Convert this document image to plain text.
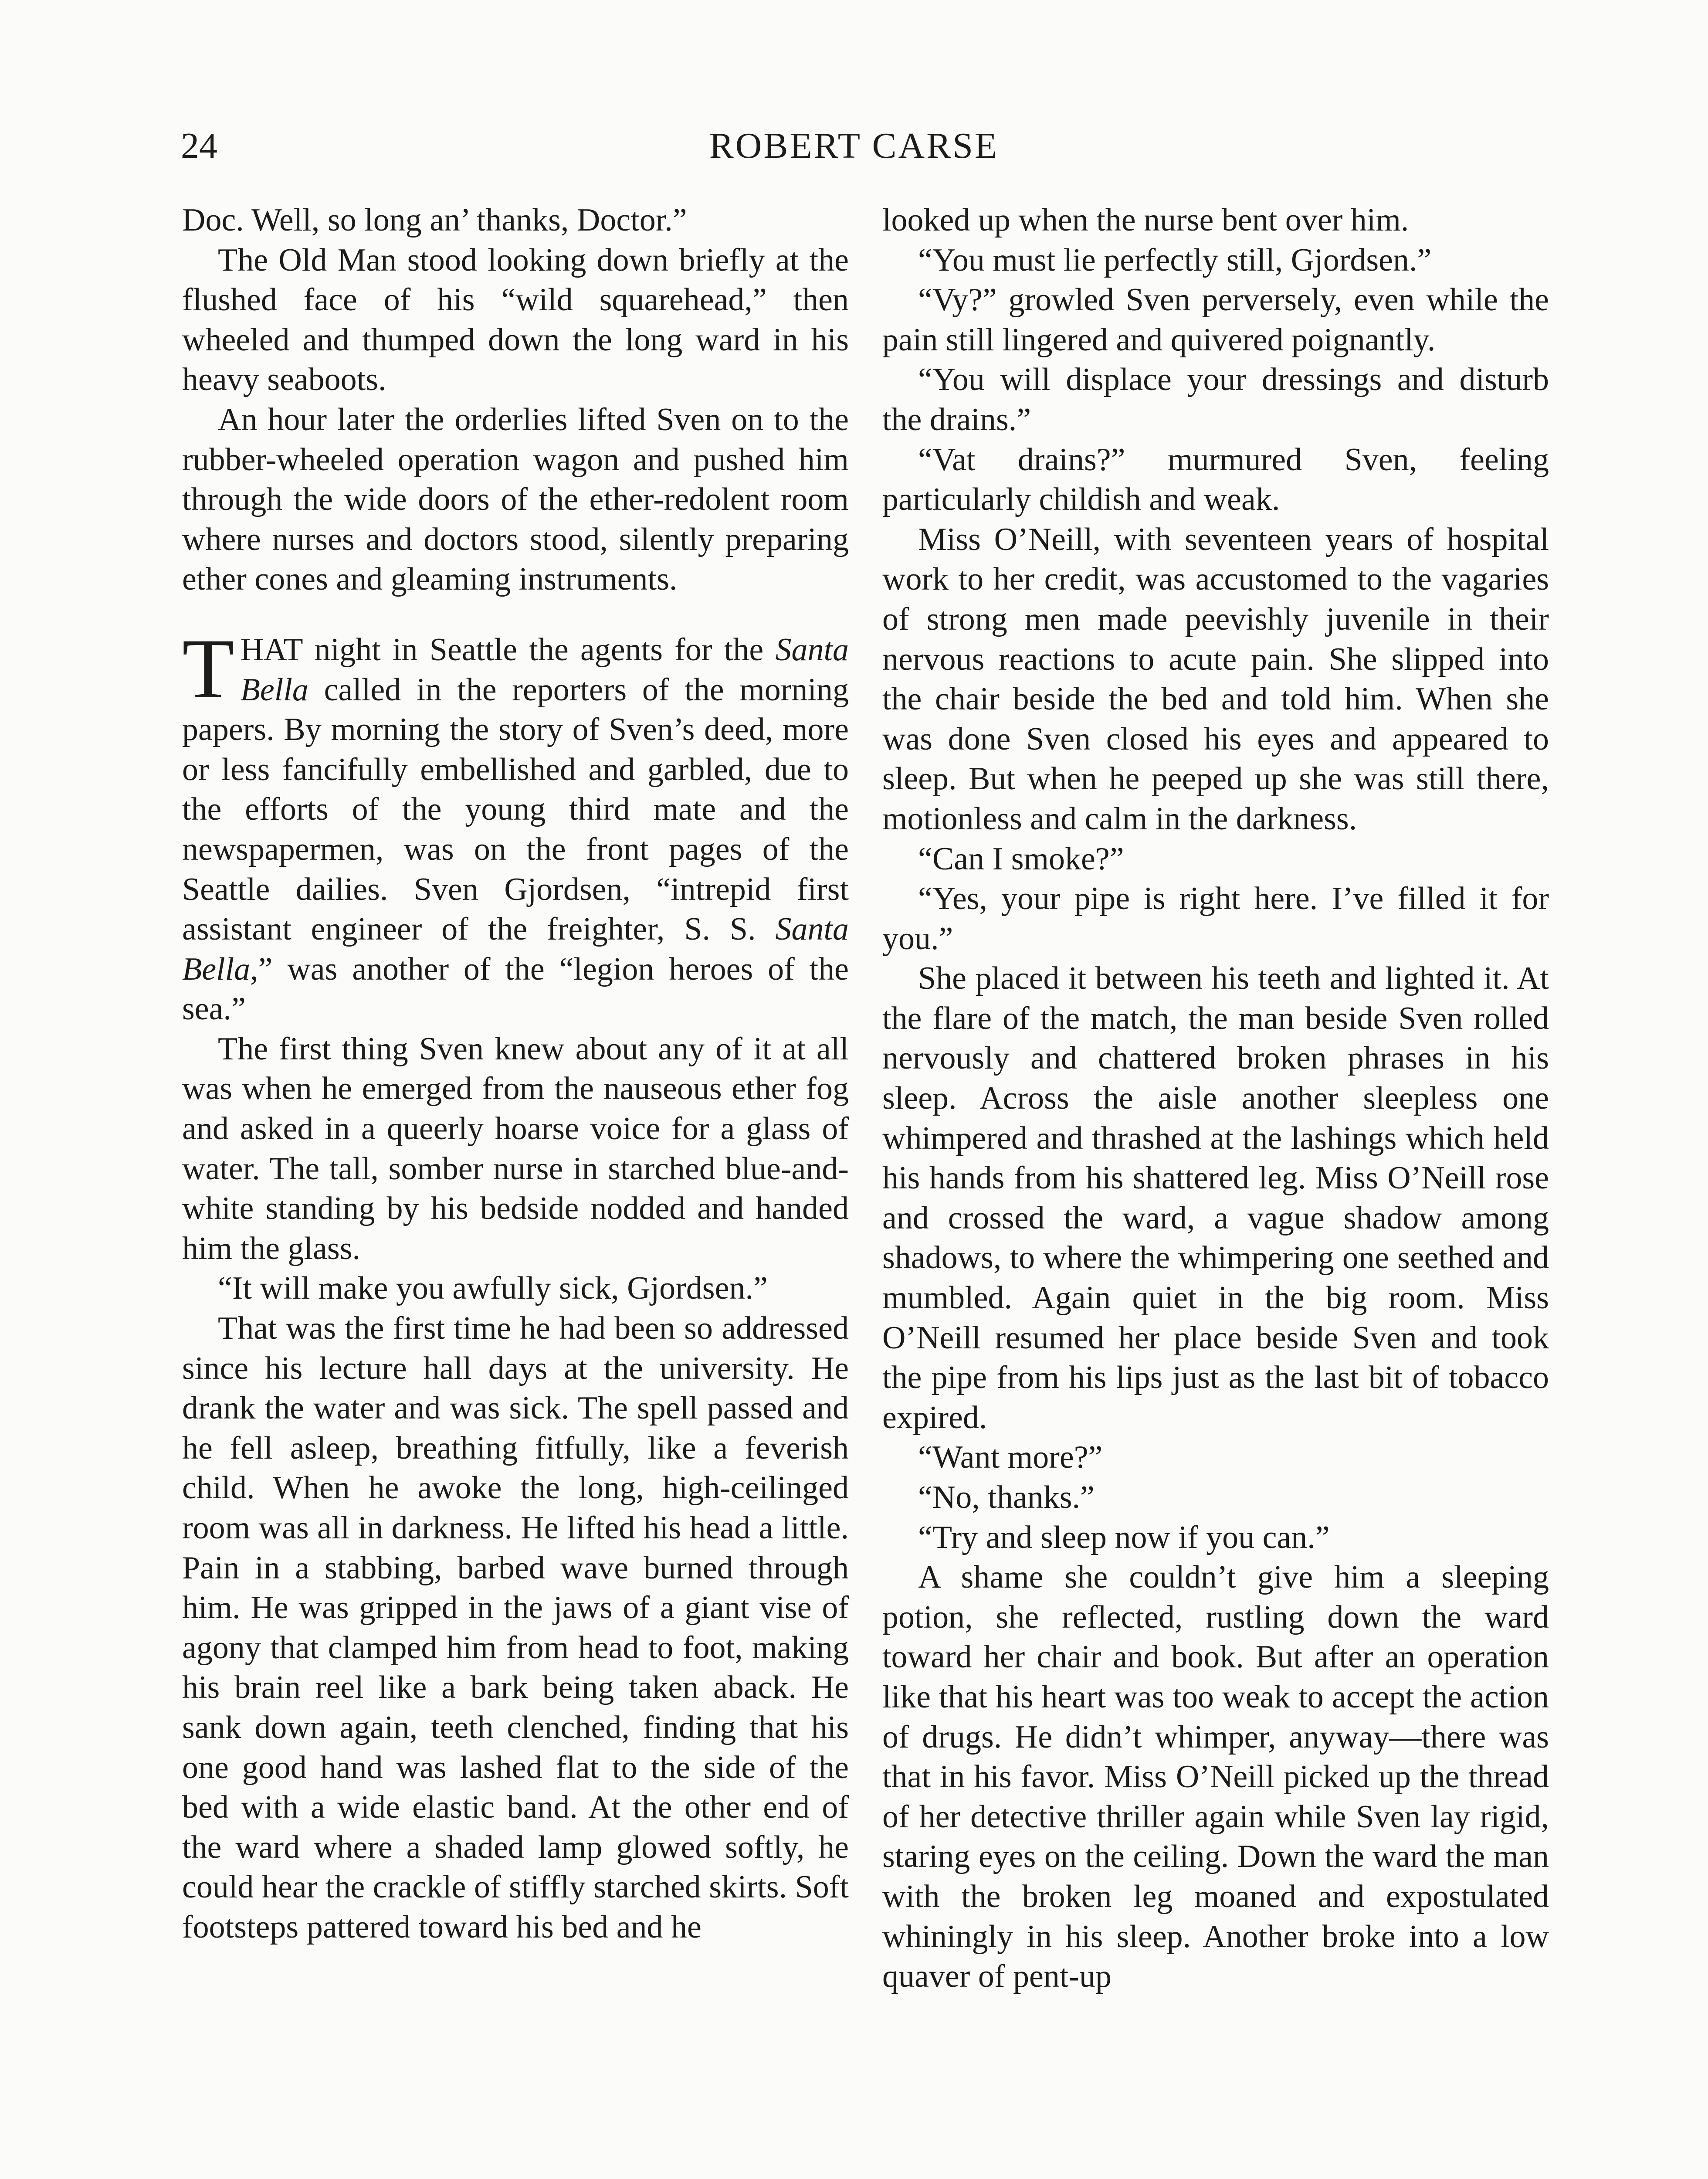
24	ROBERT CARSE

Doc. Well, so long an’ thanks, Doctor.”

The Old Man stood looking down briefly at the flushed face of his “wild squarehead,” then wheeled and thumped down the long ward in his heavy seaboots.

An hour later the orderlies lifted Sven on to the rubber-wheeled operation wagon and pushed him through the wide doors of the ether-redolent room where nurses and doctors stood, silently preparing ether cones and gleaming instruments.

THAT night in Seattle the agents for the Santa Bella called in the reporters of the morning papers. By morning the story of Sven’s deed, more or less fancifully embellished and garbled, due to the efforts of the young third mate and the newspapermen, was on the front pages of the Seattle dailies. Sven Gjordsen, “intrepid first assistant engineer of the freighter, S. S. Santa Bella,” was another of the “legion heroes of the sea.”

The first thing Sven knew about any of it at all was when he emerged from the nauseous ether fog and asked in a queerly hoarse voice for a glass of water. The tall, somber nurse in starched blue-and-white standing by his bedside nodded and handed him the glass.

“It will make you awfully sick, Gjordsen.”

That was the first time he had been so addressed since his lecture hall days at the university. He drank the water and was sick. The spell passed and he fell asleep, breathing fitfully, like a feverish child. When he awoke the long, high-ceilinged room was all in darkness. He lifted his head a little. Pain in a stabbing, barbed wave burned through him. He was gripped in the jaws of a giant vise of agony that clamped him from head to foot, making his brain reel like a bark being taken aback. He sank down again, teeth clenched, finding that his one good hand was lashed flat to the side of the bed with a wide elastic band. At the other end of the ward where a shaded lamp glowed softly, he could hear the crackle of stiffly starched skirts. Soft footsteps pattered toward his bed and he

looked up when the nurse bent over him.

“You must lie perfectly still, Gjordsen.”

“Vy?” growled Sven perversely, even while the pain still lingered and quivered poignantly.

“You will displace your dressings and disturb the drains.”

“Vat drains?” murmured Sven, feeling particularly childish and weak.

Miss O’Neill, with seventeen years of hospital work to her credit, was accustomed to the vagaries of strong men made peevishly juvenile in their nervous reactions to acute pain. She slipped into the chair beside the bed and told him. When she was done Sven closed his eyes and appeared to sleep. But when he peeped up she was still there, motionless and calm in the darkness.

“Can I smoke?”

“Yes, your pipe is right here. I’ve filled it for you.”

She placed it between his teeth and lighted it. At the flare of the match, the man beside Sven rolled nervously and chattered broken phrases in his sleep. Across the aisle another sleepless one whimpered and thrashed at the lashings which held his hands from his shattered leg. Miss O’Neill rose and crossed the ward, a vague shadow among shadows, to where the whimpering one seethed and mumbled. Again quiet in the big room. Miss O’Neill resumed her place beside Sven and took the pipe from his lips just as the last bit of tobacco expired.

“Want more?”

“No, thanks.”

“Try and sleep now if you can.”

A shame she couldn’t give him a sleeping potion, she reflected, rustling down the ward toward her chair and book. But after an operation like that his heart was too weak to accept the action of drugs. He didn’t whimper, anyway—there was that in his favor. Miss O’Neill picked up the thread of her detective thriller again while Sven lay rigid, staring eyes on the ceiling. Down the ward the man with the broken leg moaned and expostulated whiningly in his sleep. Another broke into a low quaver of pent-up
